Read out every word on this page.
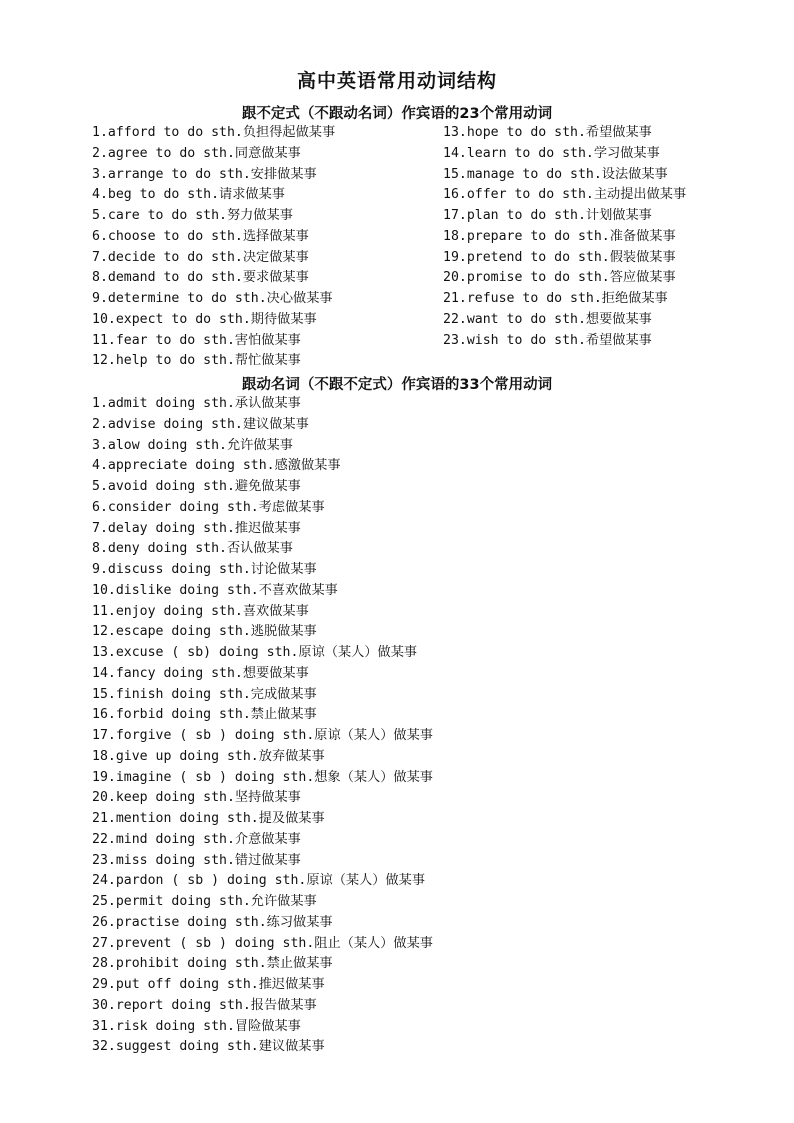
高中英语常用动词结构
跟不定式（不跟动名词）作宾语的23个常用动词
1.afford to do sth.负担得起做某事
2.agree to do sth.同意做某事
3.arrange to do sth.安排做某事
4.beg to do sth.请求做某事
5.care to do sth.努力做某事
6.choose to do sth.选择做某事
7.decide to do sth.决定做某事
8.demand to do sth.要求做某事
9.determine to do sth.决心做某事
10.expect to do sth.期待做某事
11.fear to do sth.害怕做某事
12.help to do sth.帮忙做某事
13.hope to do sth.希望做某事
14.learn to do sth.学习做某事
15.manage to do sth.设法做某事
16.offer to do sth.主动提出做某事
17.plan to do sth.计划做某事
18.prepare to do sth.准备做某事
19.pretend to do sth.假装做某事
20.promise to do sth.答应做某事
21.refuse to do sth.拒绝做某事
22.want to do sth.想要做某事
23.wish to do sth.希望做某事
跟动名词（不跟不定式）作宾语的33个常用动词
1.admit doing sth.承认做某事
2.advise doing sth.建议做某事
3.alow doing sth.允许做某事
4.appreciate doing sth.感激做某事
5.avoid doing sth.避免做某事
6.consider doing sth.考虑做某事
7.delay doing sth.推迟做某事
8.deny doing sth.否认做某事
9.discuss doing sth.讨论做某事
10.dislike doing sth.不喜欢做某事
11.enjoy doing sth.喜欢做某事
12.escape doing sth.逃脱做某事
13.excuse ( sb) doing sth.原谅（某人）做某事
14.fancy doing sth.想要做某事
15.finish doing sth.完成做某事
16.forbid doing sth.禁止做某事
17.forgive ( sb ) doing sth.原谅（某人）做某事
18.give up doing sth.放弃做某事
19.imagine ( sb ) doing sth.想象（某人）做某事
20.keep doing sth.坚持做某事
21.mention doing sth.提及做某事
22.mind doing sth.介意做某事
23.miss doing sth.错过做某事
24.pardon ( sb ) doing sth.原谅（某人）做某事
25.permit doing sth.允许做某事
26.practise doing sth.练习做某事
27.prevent ( sb ) doing sth.阻止（某人）做某事
28.prohibit doing sth.禁止做某事
29.put off doing sth.推迟做某事
30.report doing sth.报告做某事
31.risk doing sth.冒险做某事
32.suggest doing sth.建议做某事
